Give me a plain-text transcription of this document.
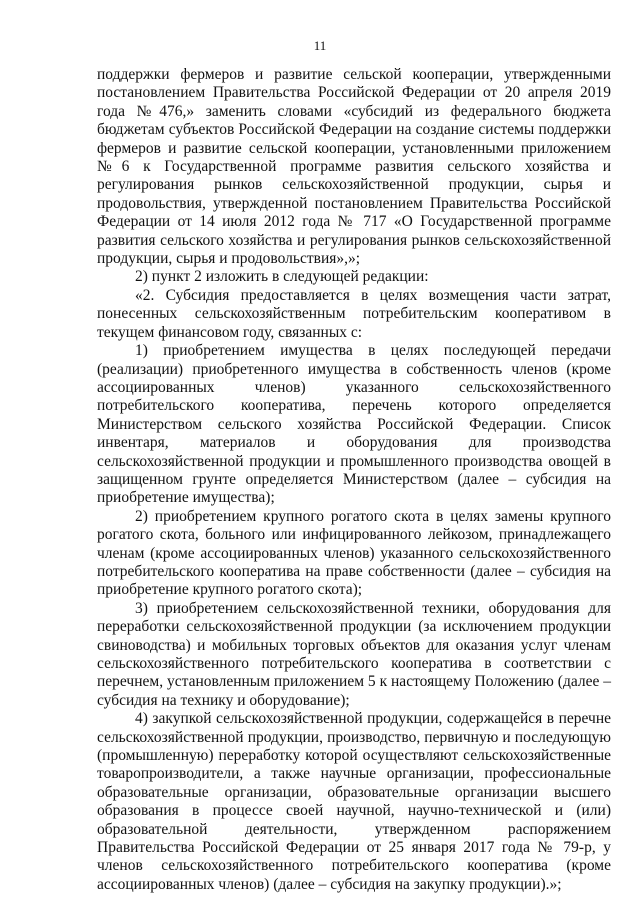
11

поддержки фермеров и развитие сельской кооперации, утвержденными постановлением Правительства Российской Федерации от 20 апреля 2019 года №476,» заменить словами «субсидий из федерального бюджета бюджетам субъектов Российской Федерации на создание системы поддержки фермеров и развитие сельской кооперации, установленными приложением №6 к Государственной программе развития сельского хозяйства и регулирования рынков сельскохозяйственной продукции, сырья и продовольствия, утвержденной постановлением Правительства Российской Федерации от 14 июля 2012 года № 717 «О Государственной программе развития сельского хозяйства и регулирования рынков сельскохозяйственной продукции, сырья и продовольствия»,»;

2) пункт 2 изложить в следующей редакции:

«2. Субсидия предоставляется в целях возмещения части затрат, понесенных сельскохозяйственным потребительским кооперативом в текущем финансовом году, связанных с:

1) приобретением имущества в целях последующей передачи (реализации) приобретенного имущества в собственность членов (кроме ассоциированных членов) указанного сельскохозяйственного потребительского кооператива, перечень которого определяется Министерством сельского хозяйства Российской Федерации. Список инвентаря, материалов и оборудования для производства сельскохозяйственной продукции и промышленного производства овощей в защищенном грунте определяется Министерством (далее – субсидия на приобретение имущества);

2) приобретением крупного рогатого скота в целях замены крупного рогатого скота, больного или инфицированного лейкозом, принадлежащего членам (кроме ассоциированных членов) указанного сельскохозяйственного потребительского кооператива на праве собственности (далее – субсидия на приобретение крупного рогатого скота);

3) приобретением сельскохозяйственной техники, оборудования для переработки сельскохозяйственной продукции (за исключением продукции свиноводства) и мобильных торговых объектов для оказания услуг членам сельскохозяйственного потребительского кооператива в соответствии с перечнем, установленным приложением 5 к настоящему Положению (далее – субсидия на технику и оборудование);

4) закупкой сельскохозяйственной продукции, содержащейся в перечне сельскохозяйственной продукции, производство, первичную и последующую (промышленную) переработку которой осуществляют сельскохозяйственные товаропроизводители, а также научные организации, профессиональные образовательные организации, образовательные организации высшего образования в процессе своей научной, научно-технической и (или) образовательной деятельности, утвержденном распоряжением Правительства Российской Федерации от 25 января 2017 года № 79-р, у членов сельскохозяйственного потребительского кооператива (кроме ассоциированных членов) (далее – субсидия на закупку продукции).»;
